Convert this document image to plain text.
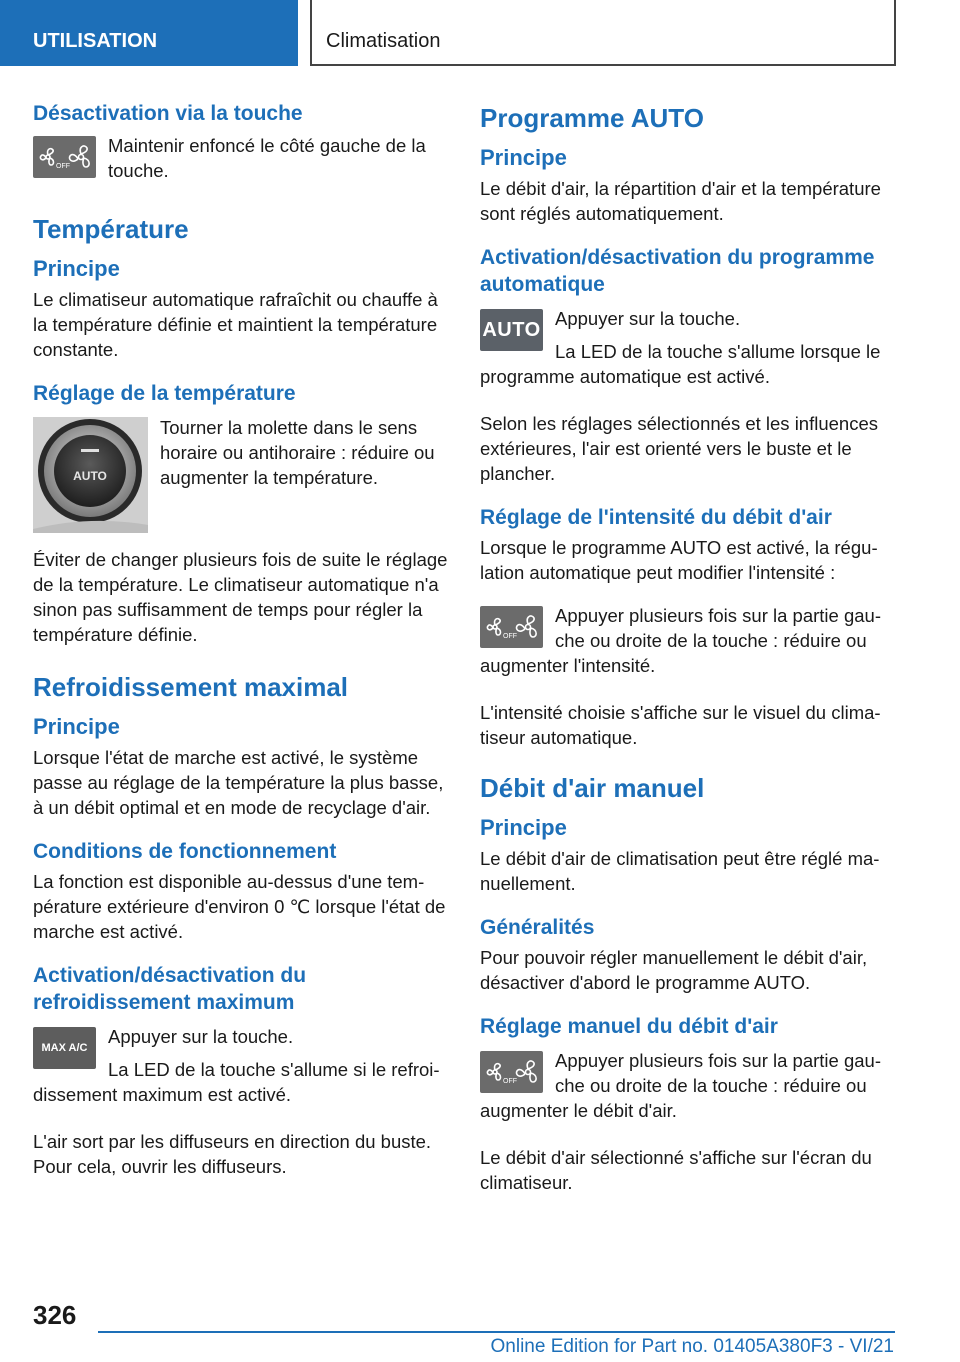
UTILISATION	Climatisation
Désactivation via la touche
OFF

Maintenir enfoncé le côté gauche de la touche.

Température
Principe

Le climatiseur automatique rafraîchit ou chauffe à la température définie et maintient la température constante.

Réglage de la température
AUTO

Tourner la molette dans le sens horaire ou antihoraire : réduire ou augmenter la température.

Éviter de changer plusieurs fois de suite le réglage de la température. Le climatiseur automatique n'a sinon pas suffisamment de temps pour régler la température définie.

Refroidissement maximal
Principe

Lorsque l'état de marche est activé, le système passe au réglage de la température la plus basse, à un débit optimal et en mode de recyclage d'air.

Conditions de fonctionnement

La fonction est disponible au-dessus d'une température extérieure d'environ 0 ℃ lorsque l'état de marche est activé.

Activation/désactivation du refroidissement maximum
MAX A/C

Appuyer sur la touche.

La LED de la touche s'allume si le refroidissement maximum est activé.

L'air sort par les diffuseurs en direction du buste. Pour cela, ouvrir les diffuseurs.

Programme AUTO
Principe

Le débit d'air, la répartition d'air et la température sont réglés automatiquement.

Activation/désactivation du programme automatique
AUTO Appuyer sur la touche.

La LED de la touche s'allume lorsque le programme automatique est activé.

Selon les réglages sélectionnés et les influences extérieures, l'air est orienté vers le buste et le plancher.

Réglage de l'intensité du débit d'air

Lorsque le programme AUTO est activé, la régulation automatique peut modifier l'intensité :

OFF

Appuyer plusieurs fois sur la partie gauche ou droite de la touche : réduire ou augmenter l'intensité.

L'intensité choisie s'affiche sur le visuel du climatiseur automatique.

Débit d'air manuel
Principe

Le débit d'air de climatisation peut être réglé manuellement.

Généralités

Pour pouvoir régler manuellement le débit d'air, désactiver d'abord le programme AUTO.

Réglage manuel du débit d'air
OFF

Appuyer plusieurs fois sur la partie gauche ou droite de la touche : réduire ou augmenter le débit d'air.

Le débit d'air sélectionné s'affiche sur l'écran du climatiseur.

326
Online Edition for Part no. 01405A380F3 - VI/21
